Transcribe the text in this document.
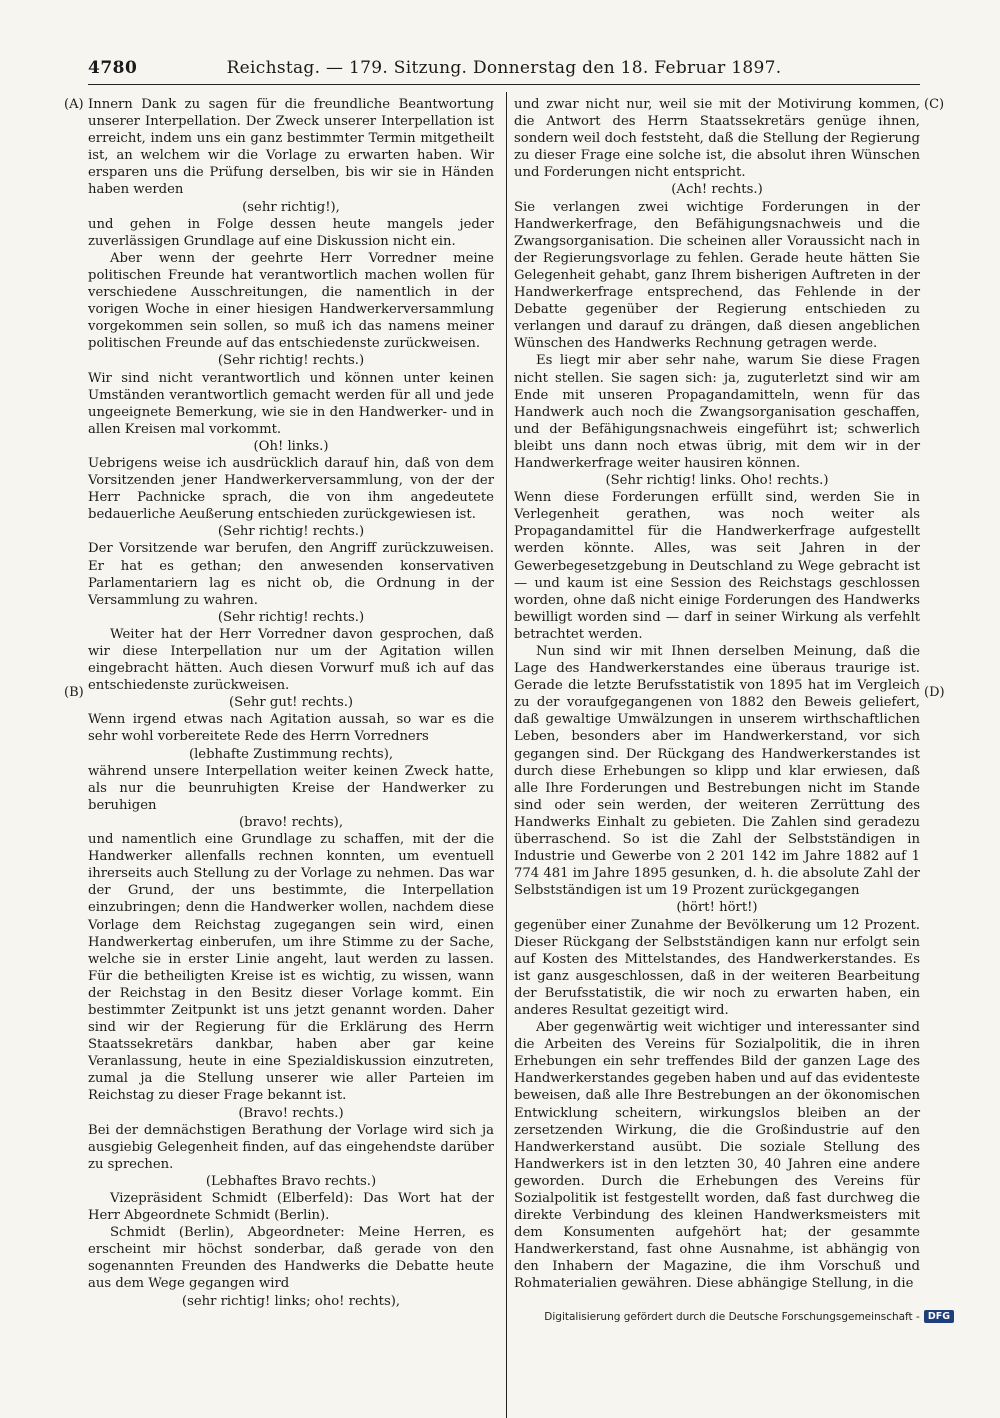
4780	Reichstag. — 179. Sitzung. Donnerstag den 18. Februar 1897.
(A)
(B)
(C)
(D)

Innern Dank zu sagen für die freundliche Beantwortung unserer Interpellation. Der Zweck unserer Interpellation ist erreicht, indem uns ein ganz bestimmter Termin mitgetheilt ist, an welchem wir die Vorlage zu erwarten haben. Wir ersparen uns die Prüfung derselben, bis wir sie in Händen haben werden

(sehr richtig!),

und gehen in Folge dessen heute mangels jeder zuverlässigen Grundlage auf eine Diskussion nicht ein.

Aber wenn der geehrte Herr Vorredner meine politischen Freunde hat verantwortlich machen wollen für verschiedene Ausschreitungen, die namentlich in der vorigen Woche in einer hiesigen Handwerkerversammlung vorgekommen sein sollen, so muß ich das namens meiner politischen Freunde auf das entschiedenste zurückweisen.

(Sehr richtig! rechts.)

Wir sind nicht verantwortlich und können unter keinen Umständen verantwortlich gemacht werden für all und jede ungeeignete Bemerkung, wie sie in den Handwerker- und in allen Kreisen mal vorkommt.

(Oh! links.)

Uebrigens weise ich ausdrücklich darauf hin, daß von dem Vorsitzenden jener Handwerkerversammlung, von der der Herr Pachnicke sprach, die von ihm angedeutete bedauerliche Aeußerung entschieden zurückgewiesen ist.

(Sehr richtig! rechts.)

Der Vorsitzende war berufen, den Angriff zurückzuweisen. Er hat es gethan; den anwesenden konservativen Parlamentariern lag es nicht ob, die Ordnung in der Versammlung zu wahren.

(Sehr richtig! rechts.)

Weiter hat der Herr Vorredner davon gesprochen, daß wir diese Interpellation nur um der Agitation willen eingebracht hätten. Auch diesen Vorwurf muß ich auf das entschiedenste zurückweisen.

(Sehr gut! rechts.)

Wenn irgend etwas nach Agitation aussah, so war es die sehr wohl vorbereitete Rede des Herrn Vorredners

(lebhafte Zustimmung rechts),

während unsere Interpellation weiter keinen Zweck hatte, als nur die beunruhigten Kreise der Handwerker zu beruhigen

(bravo! rechts),

und namentlich eine Grundlage zu schaffen, mit der die Handwerker allenfalls rechnen konnten, um eventuell ihrerseits auch Stellung zu der Vorlage zu nehmen. Das war der Grund, der uns bestimmte, die Interpellation einzubringen; denn die Handwerker wollen, nachdem diese Vorlage dem Reichstag zugegangen sein wird, einen Handwerkertag einberufen, um ihre Stimme zu der Sache, welche sie in erster Linie angeht, laut werden zu lassen. Für die betheiligten Kreise ist es wichtig, zu wissen, wann der Reichstag in den Besitz dieser Vorlage kommt. Ein bestimmter Zeitpunkt ist uns jetzt genannt worden. Daher sind wir der Regierung für die Erklärung des Herrn Staatssekretärs dankbar, haben aber gar keine Veranlassung, heute in eine Spezialdiskussion einzutreten, zumal ja die Stellung unserer wie aller Parteien im Reichstag zu dieser Frage bekannt ist.

(Bravo! rechts.)

Bei der demnächstigen Berathung der Vorlage wird sich ja ausgiebig Gelegenheit finden, auf das eingehendste darüber zu sprechen.

(Lebhaftes Bravo rechts.)

Vizepräsident Schmidt (Elberfeld): Das Wort hat der Herr Abgeordnete Schmidt (Berlin).

Schmidt (Berlin), Abgeordneter: Meine Herren, es erscheint mir höchst sonderbar, daß gerade von den sogenannten Freunden des Handwerks die Debatte heute aus dem Wege gegangen wird

(sehr richtig! links; oho! rechts),

und zwar nicht nur, weil sie mit der Motivirung kommen, die Antwort des Herrn Staatssekretärs genüge ihnen, sondern weil doch feststeht, daß die Stellung der Regierung zu dieser Frage eine solche ist, die absolut ihren Wünschen und Forderungen nicht entspricht.

(Ach! rechts.)

Sie verlangen zwei wichtige Forderungen in der Handwerkerfrage, den Befähigungsnachweis und die Zwangsorganisation. Die scheinen aller Voraussicht nach in der Regierungsvorlage zu fehlen. Gerade heute hätten Sie Gelegenheit gehabt, ganz Ihrem bisherigen Auftreten in der Handwerkerfrage entsprechend, das Fehlende in der Debatte gegenüber der Regierung entschieden zu verlangen und darauf zu drängen, daß diesen angeblichen Wünschen des Handwerks Rechnung getragen werde.

Es liegt mir aber sehr nahe, warum Sie diese Fragen nicht stellen. Sie sagen sich: ja, zuguterletzt sind wir am Ende mit unseren Propagandamitteln, wenn für das Handwerk auch noch die Zwangsorganisation geschaffen, und der Befähigungsnachweis eingeführt ist; schwerlich bleibt uns dann noch etwas übrig, mit dem wir in der Handwerkerfrage weiter hausiren können.

(Sehr richtig! links. Oho! rechts.)

Wenn diese Forderungen erfüllt sind, werden Sie in Verlegenheit gerathen, was noch weiter als Propagandamittel für die Handwerkerfrage aufgestellt werden könnte. Alles, was seit Jahren in der Gewerbegesetzgebung in Deutschland zu Wege gebracht ist — und kaum ist eine Session des Reichstags geschlossen worden, ohne daß nicht einige Forderungen des Handwerks bewilligt worden sind — darf in seiner Wirkung als verfehlt betrachtet werden.

Nun sind wir mit Ihnen derselben Meinung, daß die Lage des Handwerkerstandes eine überaus traurige ist. Gerade die letzte Berufsstatistik von 1895 hat im Vergleich zu der voraufgegangenen von 1882 den Beweis geliefert, daß gewaltige Umwälzungen in unserem wirthschaftlichen Leben, besonders aber im Handwerkerstand, vor sich gegangen sind. Der Rückgang des Handwerkerstandes ist durch diese Erhebungen so klipp und klar erwiesen, daß alle Ihre Forderungen und Bestrebungen nicht im Stande sind oder sein werden, der weiteren Zerrüttung des Handwerks Einhalt zu gebieten. Die Zahlen sind geradezu überraschend. So ist die Zahl der Selbstständigen in Industrie und Gewerbe von 2 201 142 im Jahre 1882 auf 1 774 481 im Jahre 1895 gesunken, d. h. die absolute Zahl der Selbstständigen ist um 19 Prozent zurückgegangen

(hört! hört!)

gegenüber einer Zunahme der Bevölkerung um 12 Prozent. Dieser Rückgang der Selbstständigen kann nur erfolgt sein auf Kosten des Mittelstandes, des Handwerkerstandes. Es ist ganz ausgeschlossen, daß in der weiteren Bearbeitung der Berufsstatistik, die wir noch zu erwarten haben, ein anderes Resultat gezeitigt wird.

Aber gegenwärtig weit wichtiger und interessanter sind die Arbeiten des Vereins für Sozialpolitik, die in ihren Erhebungen ein sehr treffendes Bild der ganzen Lage des Handwerkerstandes gegeben haben und auf das evidenteste beweisen, daß alle Ihre Bestrebungen an der ökonomischen Entwicklung scheitern, wirkungslos bleiben an der zersetzenden Wirkung, die die Großindustrie auf den Handwerkerstand ausübt. Die soziale Stellung des Handwerkers ist in den letzten 30, 40 Jahren eine andere geworden. Durch die Erhebungen des Vereins für Sozialpolitik ist festgestellt worden, daß fast durchweg die direkte Verbindung des kleinen Handwerksmeisters mit dem Konsumenten aufgehört hat; der gesammte Handwerkerstand, fast ohne Ausnahme, ist abhängig von den Inhabern der Magazine, die ihm Vorschuß und Rohmaterialien gewähren. Diese abhängige Stellung, in die

Digitalisierung gefördert durch die Deutsche Forschungsgemeinschaft - DFG
